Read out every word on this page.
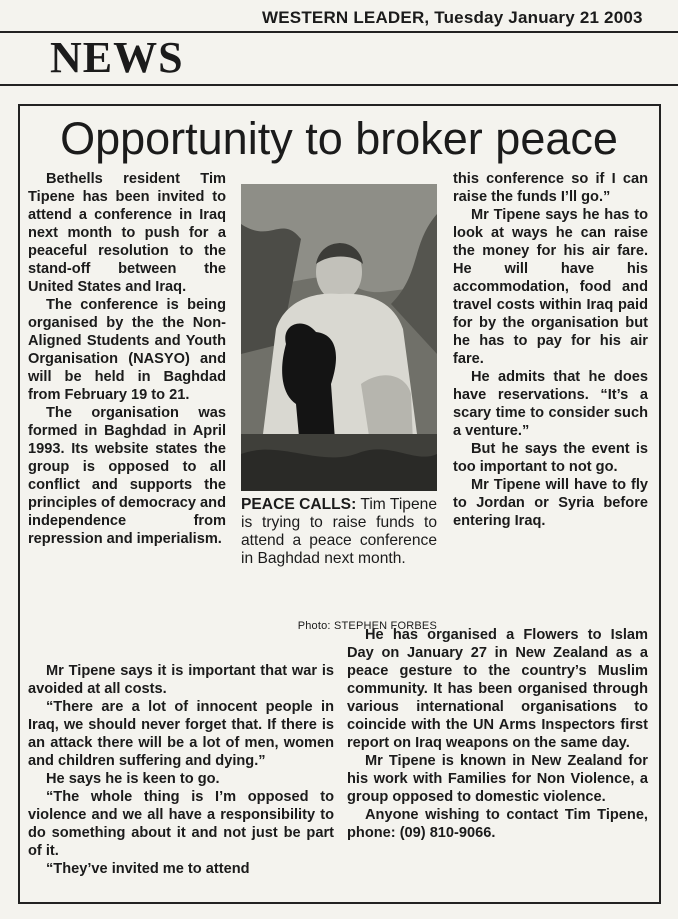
WESTERN LEADER, Tuesday January 21 2003
NEWS
Opportunity to broker peace

Bethells resident Tim Tipene has been invited to attend a conference in Iraq next month to push for a peaceful resolution to the stand-off between the United States and Iraq.

The conference is being organised by the the Non-Aligned Students and Youth Organisation (NASYO) and will be held in Baghdad from February 19 to 21.

The organisation was formed in Baghdad in April 1993. Its website states the group is opposed to all conflict and supports the principles of democracy and independence from repression and imperialism.

Mr Tipene says it is important that war is avoided at all costs.

“There are a lot of innocent people in Iraq, we should never forget that. If there is an attack there will be a lot of men, women and children suffering and dying.”

He says he is keen to go.

“The whole thing is I’m opposed to violence and we all have a responsibility to do something about it and not just be part of it.

“They’ve invited me to attend

PEACE CALLS: Tim Tipene is trying to raise funds to attend a peace conference in Baghdad next month.
Photo: STEPHEN FORBES

this conference so if I can raise the funds I’ll go.”

Mr Tipene says he has to look at ways he can raise the money for his air fare. He will have his accommodation, food and travel costs within Iraq paid for by the organisation but he has to pay for his air fare.

He admits that he does have reservations. “It’s a scary time to consider such a venture.”

But he says the event is too important to not go.

Mr Tipene will have to fly to Jordan or Syria before entering Iraq.

He has organised a Flowers to Islam Day on January 27 in New Zealand as a peace gesture to the country’s Muslim community. It has been organised through various international organisations to coincide with the UN Arms Inspectors first report on Iraq weapons on the same day.

Mr Tipene is known in New Zealand for his work with Families for Non Violence, a group opposed to domestic violence.

Anyone wishing to contact Tim Tipene, phone: (09) 810-9066.
